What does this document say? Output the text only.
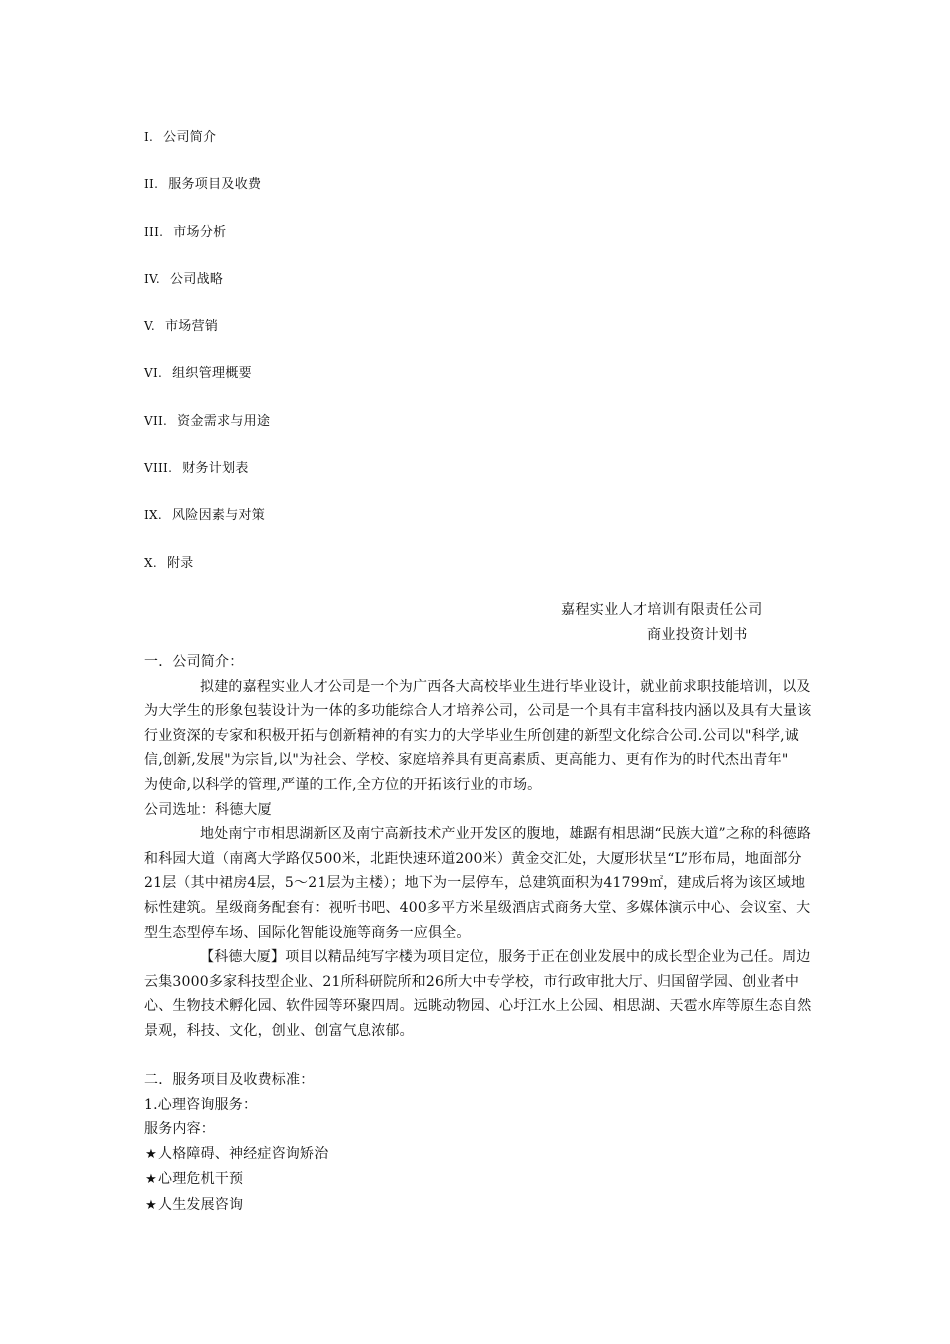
I. 公司简介
II. 服务项目及收费
III. 市场分析
IV. 公司战略
V. 市场营销
VI. 组织管理概要
VII. 资金需求与用途
VIII. 财务计划表
IX. 风险因素与对策
X. 附录
嘉程实业人才培训有限责任公司
商业投资计划书

一．公司简介：

拟建的嘉程实业人才公司是一个为广西各大高校毕业生进行毕业设计，就业前求职技能培训，以及为大学生的形象包装设计为一体的多功能综合人才培养公司，公司是一个具有丰富科技内涵以及具有大量该行业资深的专家和积极开拓与创新精神的有实力的大学毕业生所创建的新型文化综合公司.公司以"科学,诚信,创新,发展"为宗旨,以"为社会、学校、家庭培养具有更高素质、更高能力、更有作为的时代杰出青年"　为使命,以科学的管理,严谨的工作,全方位的开拓该行业的市场。

公司选址：科德大厦

地处南宁市相思湖新区及南宁高新技术产业开发区的腹地，雄踞有相思湖“民族大道”之称的科德路和科园大道（南离大学路仅500米，北距快速环道200米）黄金交汇处，大厦形状呈“L”形布局，地面部分21层（其中裙房4层，5～21层为主楼）；地下为一层停车，总建筑面积为41799㎡，建成后将为该区域地标性建筑。星级商务配套有：视听书吧、400多平方米星级酒店式商务大堂、多媒体演示中心、会议室、大型生态型停车场、国际化智能设施等商务一应俱全。

【科德大厦】项目以精品纯写字楼为项目定位，服务于正在创业发展中的成长型企业为己任。周边云集3000多家科技型企业、21所科研院所和26所大中专学校，市行政审批大厅、归国留学园、创业者中心、生物技术孵化园、软件园等环聚四周。远眺动物园、心圩江水上公园、相思湖、天雹水库等原生态自然景观，科技、文化，创业、创富气息浓郁。

二．服务项目及收费标准：

1.心理咨询服务：

服务内容：

★人格障碍、神经症咨询矫治

★心理危机干预

★人生发展咨询
